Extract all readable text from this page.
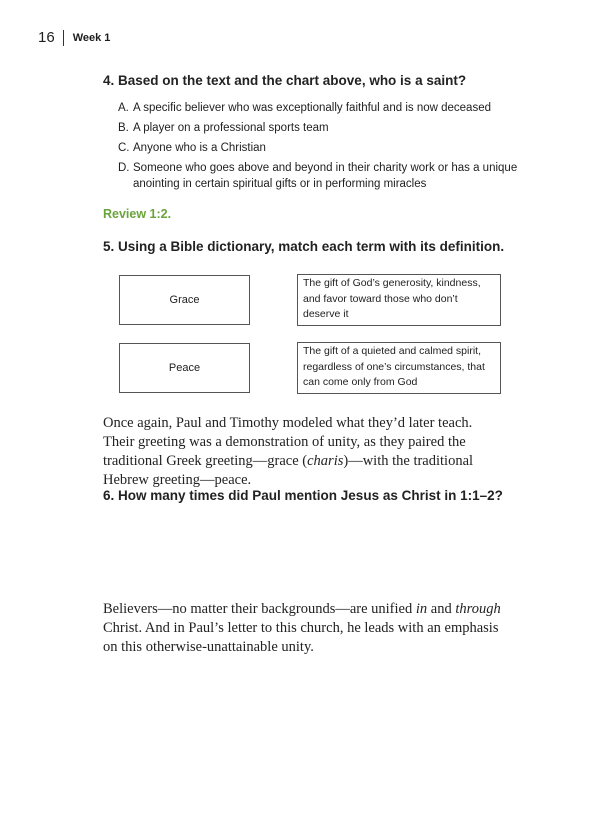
16 Week 1
4. Based on the text and the chart above, who is a saint?
A. A specific believer who was exceptionally faithful and is now deceased
B. A player on a professional sports team
C. Anyone who is a Christian
D. Someone who goes above and beyond in their charity work or has a unique anointing in certain spiritual gifts or in performing miracles
Review 1:2.
5. Using a Bible dictionary, match each term with its definition.
Grace
The gift of God’s generosity, kindness, and favor toward those who don’t deserve it
Peace
The gift of a quieted and calmed spirit, regardless of one’s circumstances, that can come only from God
Once again, Paul and Timothy modeled what they’d later teach. Their greeting was a demonstration of unity, as they paired the traditional Greek greeting—grace (charis)—with the traditional Hebrew greeting—peace.
6. How many times did Paul mention Jesus as Christ in 1:1–2?
Believers—no matter their backgrounds—are unified in and through Christ. And in Paul’s letter to this church, he leads with an emphasis on this otherwise-unattainable unity.
